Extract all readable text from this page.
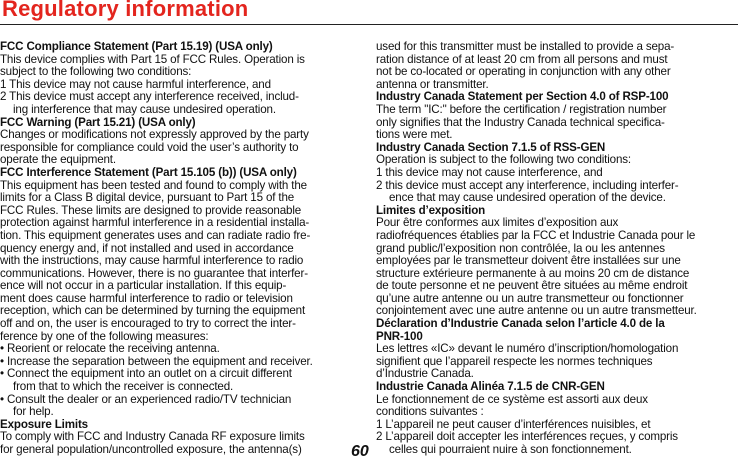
Regulatory information
FCC Compliance Statement (Part 15.19) (USA only)
This device complies with Part 15 of FCC Rules. Operation is
subject to the following two conditions:
1 This device may not cause harmful interference, and
2 This device must accept any interference received, includ-
ing interference that may cause undesired operation.
FCC Warning (Part 15.21) (USA only)
Changes or modifications not expressly approved by the party
responsible for compliance could void the user’s authority to
operate the equipment.
FCC Interference Statement (Part 15.105 (b)) (USA only)
This equipment has been tested and found to comply with the
limits for a Class B digital device, pursuant to Part 15 of the
FCC Rules. These limits are designed to provide reasonable
protection against harmful interference in a residential installa-
tion. This equipment generates uses and can radiate radio fre-
quency energy and, if not installed and used in accordance
with the instructions, may cause harmful interference to radio
communications. However, there is no guarantee that interfer-
ence will not occur in a particular installation. If this equip-
ment does cause harmful interference to radio or television
reception, which can be determined by turning the equipment
off and on, the user is encouraged to try to correct the inter-
ference by one of the following measures:
• Reorient or relocate the receiving antenna.
• Increase the separation between the equipment and receiver.
• Connect the equipment into an outlet on a circuit different
from that to which the receiver is connected.
• Consult the dealer or an experienced radio/TV technician
for help.
Exposure Limits
To comply with FCC and Industry Canada RF exposure limits
for general population/uncontrolled exposure, the antenna(s)
used for this transmitter must be installed to provide a sepa-
ration distance of at least 20 cm from all persons and must
not be co-located or operating in conjunction with any other
antenna or transmitter.
Industry Canada Statement per Section 4.0 of RSP-100
The term "IC:" before the certification / registration number
only signifies that the Industry Canada technical specifica-
tions were met.
Industry Canada Section 7.1.5 of RSS-GEN
Operation is subject to the following two conditions:
1 this device may not cause interference, and
2 this device must accept any interference, including interfer-
ence that may cause undesired operation of the device.
Limites d’exposition
Pour être conformes aux limites d’exposition aux
radiofréquences établies par la FCC et Industrie Canada pour le
grand public/l’exposition non contrôlée, la ou les antennes
employées par le transmetteur doivent être installées sur une
structure extérieure permanente à au moins 20 cm de distance
de toute personne et ne peuvent être situées au même endroit
qu’une autre antenne ou un autre transmetteur ou fonctionner
conjointement avec une autre antenne ou un autre transmetteur.
Déclaration d’Industrie Canada selon l’article 4.0 de la
PNR-100
Les lettres «IC» devant le numéro d’inscription/homologation
signifient que l’appareil respecte les normes techniques
d’Industrie Canada.
Industrie Canada Alinéa 7.1.5 de CNR-GEN
Le fonctionnement de ce système est assorti aux deux
conditions suivantes :
1 L’appareil ne peut causer d’interférences nuisibles, et
2 L’appareil doit accepter les interférences reçues, y compris
celles qui pourraient nuire à son fonctionnement.
60
